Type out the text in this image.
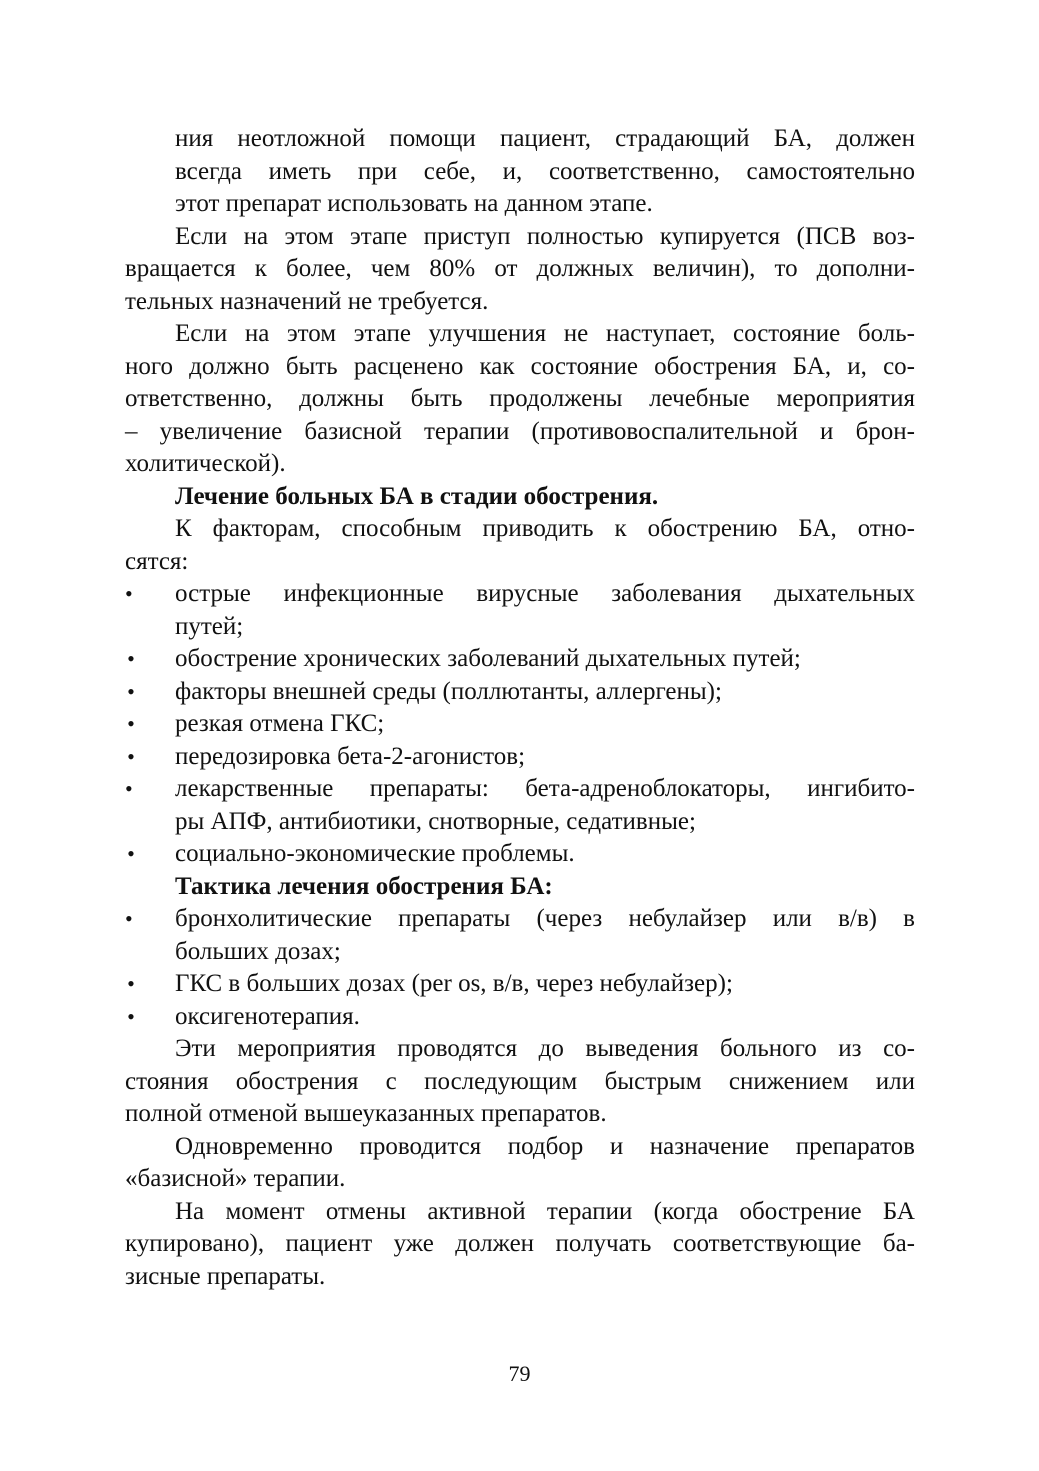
ния неотложной помощи пациент, страдающий БА, должен
всегда иметь при себе, и, соответственно, самостоятельно
этот препарат использовать на данном этапе.
Если на этом этапе приступ полностью купируется (ПСВ воз-
вращается к более, чем 80% от должных величин), то дополни-
тельных назначений не требуется.
Если на этом этапе улучшения не наступает, состояние боль-
ного должно быть расценено как состояние обострения БА, и, со-
ответственно, должны быть продолжены лечебные мероприятия
– увеличение базисной терапии (противовоспалительной и брон-
холитической).
Лечение больных БА в стадии обострения.
К факторам, способным приводить к обострению БА, отно-
сятся:
• острые инфекционные вирусные заболевания дыхательных
путей;
• обострение хронических заболеваний дыхательных путей;
• факторы внешней среды (поллютанты, аллергены);
• резкая отмена ГКС;
• передозировка бета-2-агонистов;
• лекарственные препараты: бета-адреноблокаторы, ингибито-
ры АПФ, антибиотики, снотворные, седативные;
• социально-экономические проблемы.
Тактика лечения обострения БА:
• бронхолитические препараты (через небулайзер или в/в) в
больших дозах;
• ГКС в больших дозах (per os, в/в, через небулайзер);
• оксигенотерапия.
Эти мероприятия проводятся до выведения больного из со-
стояния обострения с последующим быстрым снижением или
полной отменой вышеуказанных препаратов.
Одновременно проводится подбор и назначение препаратов
«базисной» терапии.
На момент отмены активной терапии (когда обострение БА
купировано), пациент уже должен получать соответствующие ба-
зисные препараты.
79
